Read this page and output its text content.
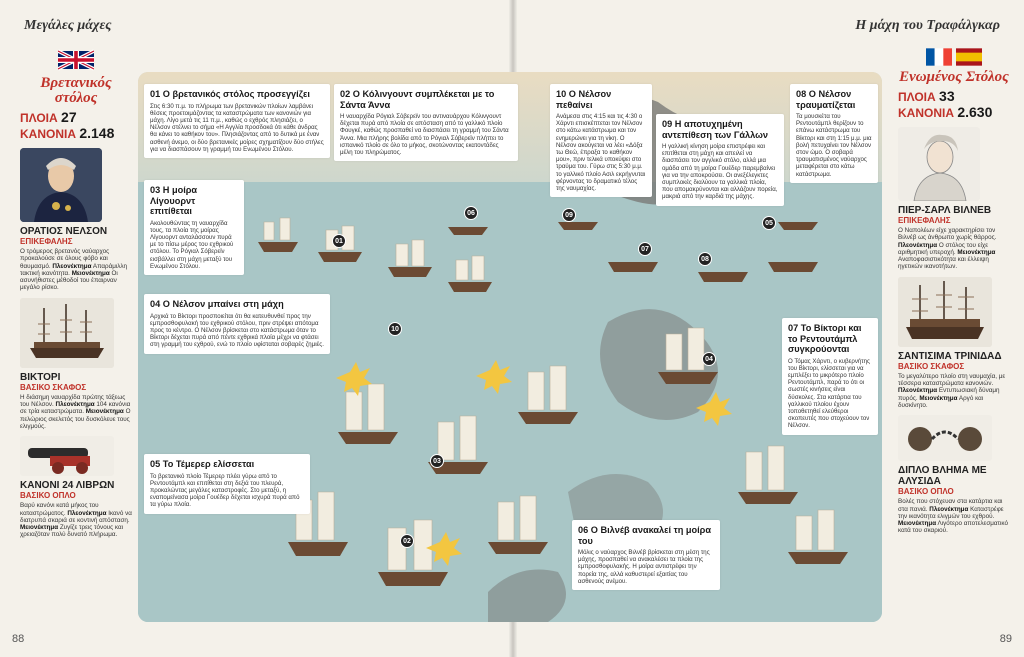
Μεγάλες μάχες	Η μάχη του Τραφάλγκαρ
88	89
Βρετανικός στόλος
ΠΛΟΙΑ 27
ΚΑΝΟΝΙΑ 2.148
ΟΡΑΤΙΟΣ ΝΕΛΣΟΝ
ΕΠΙΚΕΦΑΛΗΣ
Ο τρόμερος βρετανός ναύαρχος προκαλούσε σε όλους φόβο και θαυμασμό. Πλεονέκτημα Απαράμιλλη τακτική ικανότητα. Μειονέκτημα Οι ασυνήθιστες μέθοδοί του έπαιρναν μεγάλο ρίσκο.
ΒΙΚΤΟΡΙ
ΒΑΣΙΚΟ ΣΚΑΦΟΣ
Η διάσημη ναυαρχίδα πρώτης τάξεως του Νέλσον. Πλεονέκτημα 104 κανόνια σε τρία καταστρώματα. Μειονέκτημα Ο πελώριος σκελετός του δυσκόλευε τους ελιγμούς.
ΚΑΝΟΝΙ 24 ΛΙΒΡΩΝ
ΒΑΣΙΚΟ ΟΠΛΟ
Βαρύ κανόνι κατά μήκος του καταστρώματος. Πλεονέκτημα Ικανό να διατρυπά σκαριά σε κοντινή απόσταση. Μειονέκτημα Ζυγίζε τρεις τόνους και χρειαζόταν πολύ δυνατό πλήρωμα.
Ενωμένος Στόλος
ΠΛΟΙΑ 33
ΚΑΝΟΝΙΑ 2.630
ΠΙΕΡ-ΣΑΡΛ ΒΙΛΝΕΒ
ΕΠΙΚΕΦΑΛΗΣ
Ο Ναπολέων είχε χαρακτηρίσει τον Βιλνέβ ως άνθρωπο χωρίς θάρρος. Πλεονέκτημα Ο στόλος του είχε αριθμητική υπεροχή. Μειονέκτημα Αναποφασιστικότητα και έλλειψη ηγετικών ικανοτήτων.
ΣΑΝΤΙΣΙΜΑ ΤΡΙΝΙΔΑΔ
ΒΑΣΙΚΟ ΣΚΑΦΟΣ
Το μεγαλύτερο πλοίο στη ναυμαχία, με τέσσερα καταστρώματα κανονιών. Πλεονέκτημα Εντυπωσιακή δύναμη πυρός. Μειονέκτημα Αργό και δυσκίνητο.
ΔΙΠΛΟ ΒΛΗΜΑ ΜΕ ΑΛΥΣΙΔΑ
ΒΑΣΙΚΟ ΟΠΛΟ
Βολές που στόχευαν στα κατάρτια και στα πανιά. Πλεονέκτημα Καταστρέφε την ικανότητα ελιγμών του εχθρού. Μειονέκτημα Λιγότερο αποτελεσματικό κατά του σκαριού.
01
02
03
04
05
06
07
08
09
10
01 Ο βρετανικός στόλος προσεγγίζει

Στις 6:30 π.μ. το πλήρωμα των βρετανικών πλοίων λαμβάνει θέσεις προετοιμάζοντας τα καταστρώματα των κανονιών για μάχη. Λίγο μετά τις 11 π.μ., καθώς ο εχθρός πλησιάζει, ο Νέλσον στέλνει το σήμα «Η Αγγλία προσδοκά ότι κάθε άνδρας θα κάνει το καθήκον του». Πλησιάζοντας από το δυτικά με έναν ασθενή άνεμο, οι δύο βρετανικές μοίρες σχηματίζουν δύο στήλες για να διασπάσουν τη γραμμή του Ενωμένου Στόλου.

02 Ο Κόλινγουντ συμπλέκεται με το Σάντα Άννα

Η ναυαρχίδα Ρόγιαλ Σόβερεϊν του αντιναυάρχου Κόλινγουντ δέχεται πυρά από πλοία σε απόσταση από το γαλλικό πλοίο Φουγκέ, καθώς προσπαθεί να διασπάσει τη γραμμή του Σάντα Άννα. Μια πλήρης βολίδα από το Ρόγιαλ Σόβερεϊν πλήττει το ισπανικό πλοίο σε όλο το μήκος, σκοτώνοντας εκατοντάδες μέλη του πληρώματος.

03 Η μοίρα Λίγουορντ επιτίθεται

Ακολουθώντας τη ναυαρχίδα τους, τα πλοία της μοίρας Λίγουορντ ανταλάσσουν πυρά με το πίσω μέρος του εχθρικού στόλου. Το Ρόγιαλ Σόβερεϊν εισβάλλει στη μάχη μεταξύ του Ενωμένου Στόλου.

04 Ο Νέλσον μπαίνει στη μάχη

Αρχικά το Βίκτορι προσποιείται ότι θα κατευθυνθεί προς την εμπροσθοφυλακή του εχθρικού στόλου, πριν στρέψει απότομα προς το κέντρο. Ο Νέλσον βρίσκεται στο κατάστρωμα όταν το Βίκτορι δέχεται πυρά από πέντε εχθρικά πλοία μέχρι να φτάσει στη γραμμή του εχθρού, ενώ το πλοίο υφίσταται σοβαρές ζημιές.

05 Το Τέμερερ ελίσσεται

Το βρετανικό πλοίο Τέμερερ πλέει γύρω από το Ρεντουτάμπλ και επιτίθεται στη δεξιά του πλευρά, προκαλώντας μεγάλες καταστροφές. Στο μεταξύ, η εναπομείνασα μοίρα Γουέδερ δέχεται ισχυρά πυρά από τα γύρω πλοία.

06 Ο Βιλνέβ ανακαλεί τη μοίρα του

Μόλις ο ναύαρχος Βιλνέβ βρίσκεται στη μέση της μάχης, προσπαθεί να ανακαλέσει τα πλοία της εμπροσθοφυλακής. Η μοίρα αντιστρέφει την πορεία της, αλλά καθυστερεί εξαιτίας του ασθενούς ανέμου.

07 Το Βίκτορι και το Ρεντουτάμπλ συγκρούονται

Ο Τόμας Χάρντι, ο κυβερνήτης του Βίκτορι, ελίσσεται για να εμπλέξει το μικρότερο πλοίο Ρεντουτάμπλ, παρά το ότι οι σωστές κινήσεις είναι δύσκολες. Στα κατάρτια του γαλλικού πλοίου έχουν τοποθετηθεί ελεύθεροι σκοπευτές που στοχεύουν τον Νέλσον.

08 Ο Νέλσον τραυματίζεται

Τα μουσκέτα του Ρεντουτάμπλ θερίζουν το επάνω κατάστρωμα του Βίκτορι και στη 1:15 μ.μ. μια βολή πετυχαίνει τον Νέλσον στον ώμο. Ο σοβαρά τραυματισμένος ναύαρχος μεταφέρεται στο κάτω κατάστρωμα.

09 Η αποτυχημένη αντεπίθεση των Γάλλων

Η γαλλική κίνηση μοίρα επιστρέφει και επιτίθεται στη μάχη και απειλεί να διασπάσει τον αγγλικό στόλο, αλλά μια ομάδα από τη μοίρα Γουέδερ παρεμβαίνει για να την αποκρούσει. Οι ανεξέλεγκτες συμπλοκές διαλύουν τα γαλλικά πλοία, που απομακρύνονται και αλλάζουν πορεία, μακριά από την καρδιά της μάχης.

10 Ο Νέλσον πεθαίνει

Ανάμεσα στις 4:15 και τις 4:30 ο Χάρντι επισκέπτεται τον Νέλσον στο κάτω κατάστρωμα και τον ενημερώνει για τη νίκη. Ο Νέλσον ακούγεται να λέει «Δόξα τω Θεώ, έπραξα το καθήκον μου», πριν τελικά υποκύψει στο τραύμα του. Γύρω στις 5:30 μ.μ. το γαλλικό πλοίο Ασιλ εκρήγνυται φέρνοντας το δραματικό τέλος της ναυμαχίας.
